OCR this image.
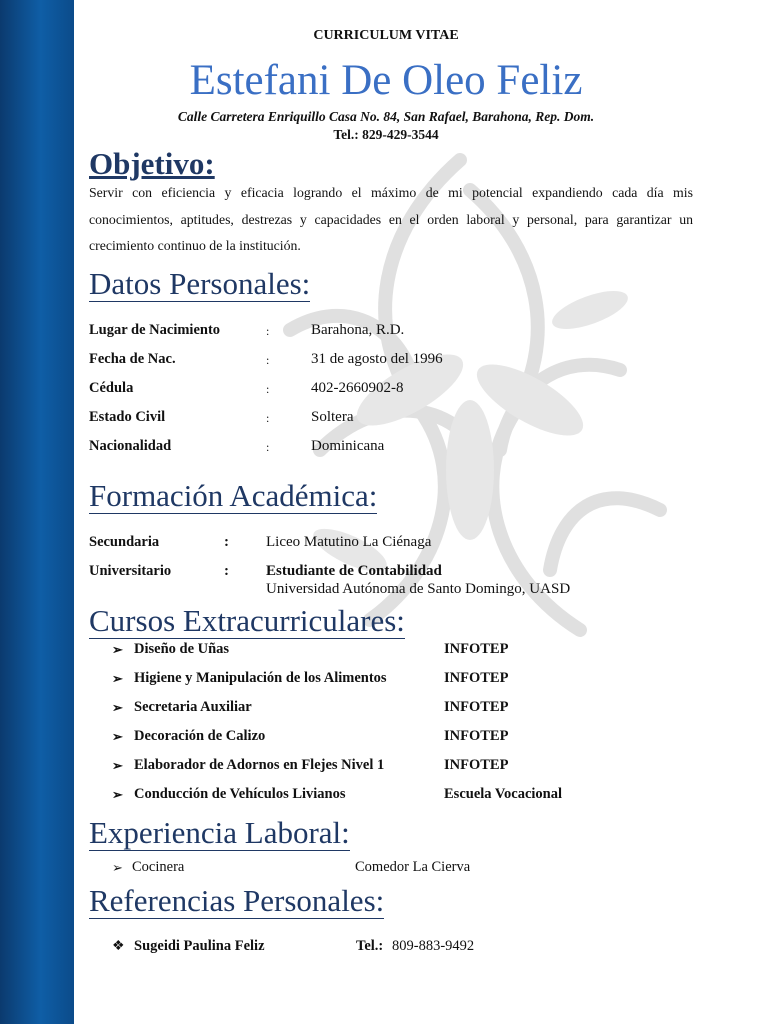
CURRICULUM VITAE
Estefani De Oleo Feliz
Calle Carretera Enriquillo Casa No. 84, San Rafael, Barahona, Rep. Dom.
Tel.: 829-429-3544
Objetivo:
Servir con eficiencia y eficacia logrando el máximo de mi potencial expandiendo cada día mis conocimientos, aptitudes, destrezas y capacidades en el orden laboral y personal, para garantizar un crecimiento continuo de la institución.
Datos Personales:
Lugar de Nacimiento	:	Barahona, R.D.
Fecha de Nac.	:	31 de agosto del 1996
Cédula	:	402-2660902-8
Estado Civil	:	Soltera
Nacionalidad	:	Dominicana
Formación Académica:
Secundaria	: Liceo Matutino La Ciénaga
Universitario	: Estudiante de Contabilidad
Universidad Autónoma de Santo Domingo, UASD
Cursos Extracurriculares:
➢ Diseño de Uñas	INFOTEP
➢ Higiene y Manipulación de los Alimentos	INFOTEP
➢ Secretaria Auxiliar	INFOTEP
➢ Decoración de Calizo	INFOTEP
➢ Elaborador de Adornos en Flejes Nivel 1	INFOTEP
➢ Conducción de Vehículos Livianos	Escuela Vocacional
Experiencia Laboral:
➢ Cocinera	Comedor La Cierva
Referencias Personales:
❖ Sugeidi Paulina Feliz	Tel.: 809-883-9492
